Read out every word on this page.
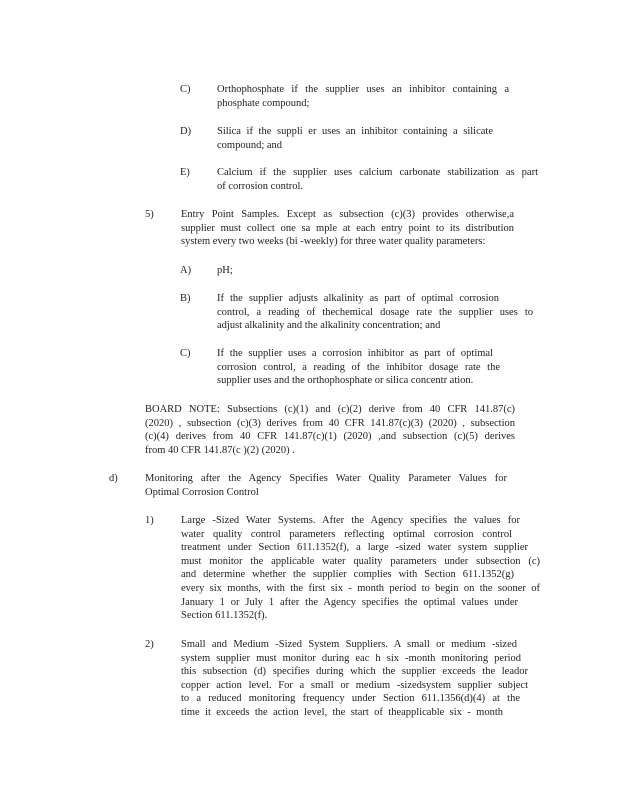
C)	Orthophosphate if the supplier uses an inhibitor containing a
phosphate compound;
D) Silica if the suppli er uses an inhibitor containing a silicate
compound; and
E)	Calcium if the supplier uses calcium carbonate stabilization as part
of corrosion control.
5)	Entry Point Samples. Except as subsection (c)(3) provides otherwise,a
supplier must collect one sa mple at each entry point to its distribution
system every two weeks (bi -weekly) for three water quality parameters:
A) pH;
B)	If the supplier adjusts alkalinity as part of optimal corrosion
control, a reading of thechemical dosage rate the supplier uses to
adjust alkalinity and the alkalinity concentration; and
C)	If the supplier uses a corrosion inhibitor as part of optimal
corrosion control, a reading of the inhibitor dosage rate the
supplier uses and the orthophosphate or silica concentr ation.
BOARD NOTE: Subsections (c)(1) and (c)(2) derive from 40 CFR 141.87(c)
(2020) , subsection (c)(3) derives from 40 CFR 141.87(c)(3) (2020) , subsection
(c)(4) derives from 40 CFR 141.87(c)(1) (2020) ,and subsection (c)(5) derives
from 40 CFR 141.87(c )(2) (2020) .
d)	Monitoring after the Agency Specifies Water Quality Parameter Values for
Optimal Corrosion Control
1)	Large -Sized Water Systems. After the Agency specifies the values for
water quality control parameters reflecting optimal corrosion control
treatment under Section 611.1352(f), a large -sized water system supplier
must monitor the applicable water quality parameters under subsection (c)
and determine whether the supplier complies with Section 611.1352(g)
every six months, with the first six - month period to begin on the sooner of
January 1 or July 1 after the Agency specifies the optimal values under
Section 611.1352(f).
2)	Small and Medium -Sized System Suppliers. A small or medium -sized
system supplier must monitor during eac h six -month monitoring period
this subsection (d) specifies during which the supplier exceeds the leador
copper action level. For a small or medium -sizedsystem supplier subject
to a reduced monitoring frequency under Section 611.1356(d)(4) at the
time it exceeds the action level, the start of theapplicable six - month
